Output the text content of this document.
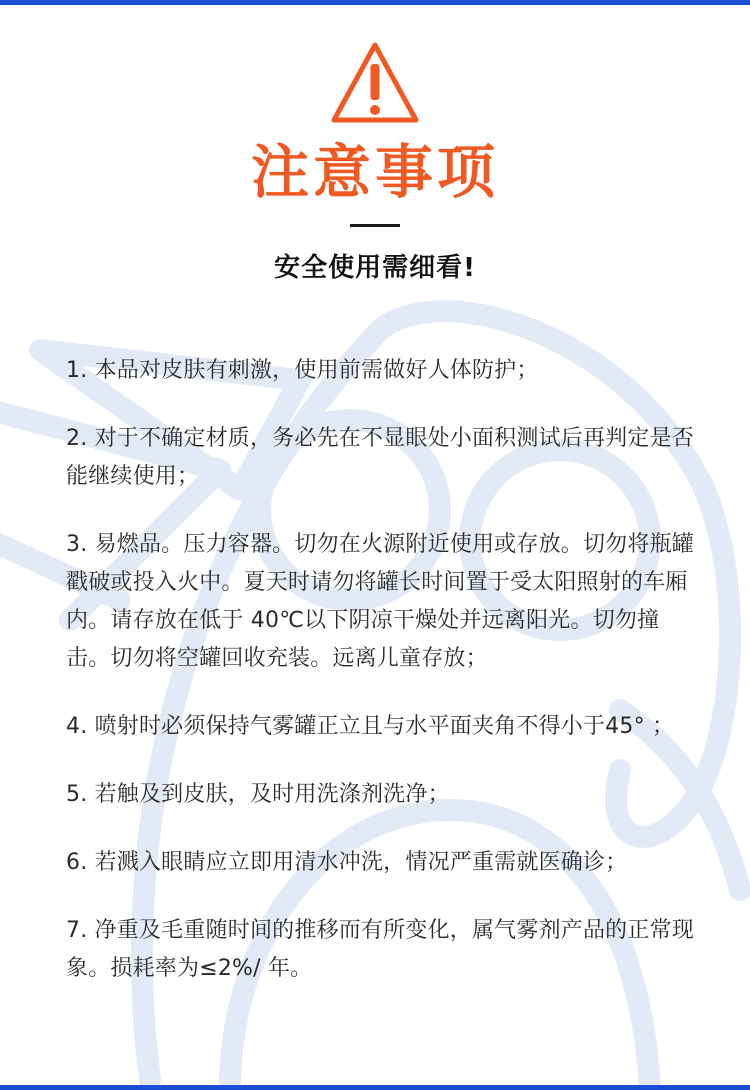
注意事项
安全使用需细看!
1. 本品对皮肤有刺激，使用前需做好人体防护；
2. 对于不确定材质，务必先在不显眼处小面积测试后再判定是否能继续使用；
3. 易燃品。压力容器。切勿在火源附近使用或存放。切勿将瓶罐戳破或投入火中。夏天时请勿将罐长时间置于受太阳照射的车厢内。请存放在低于 40℃以下阴凉干燥处并远离阳光。切勿撞击。切勿将空罐回收充装。远离儿童存放；
4. 喷射时必须保持气雾罐正立且与水平面夹角不得小于45° ；
5. 若触及到皮肤，及时用洗涤剂洗净；
6. 若溅入眼睛应立即用清水冲洗，情况严重需就医确诊；
7. 净重及毛重随时间的推移而有所变化，属气雾剂产品的正常现象。损耗率为≤2%/ 年。
